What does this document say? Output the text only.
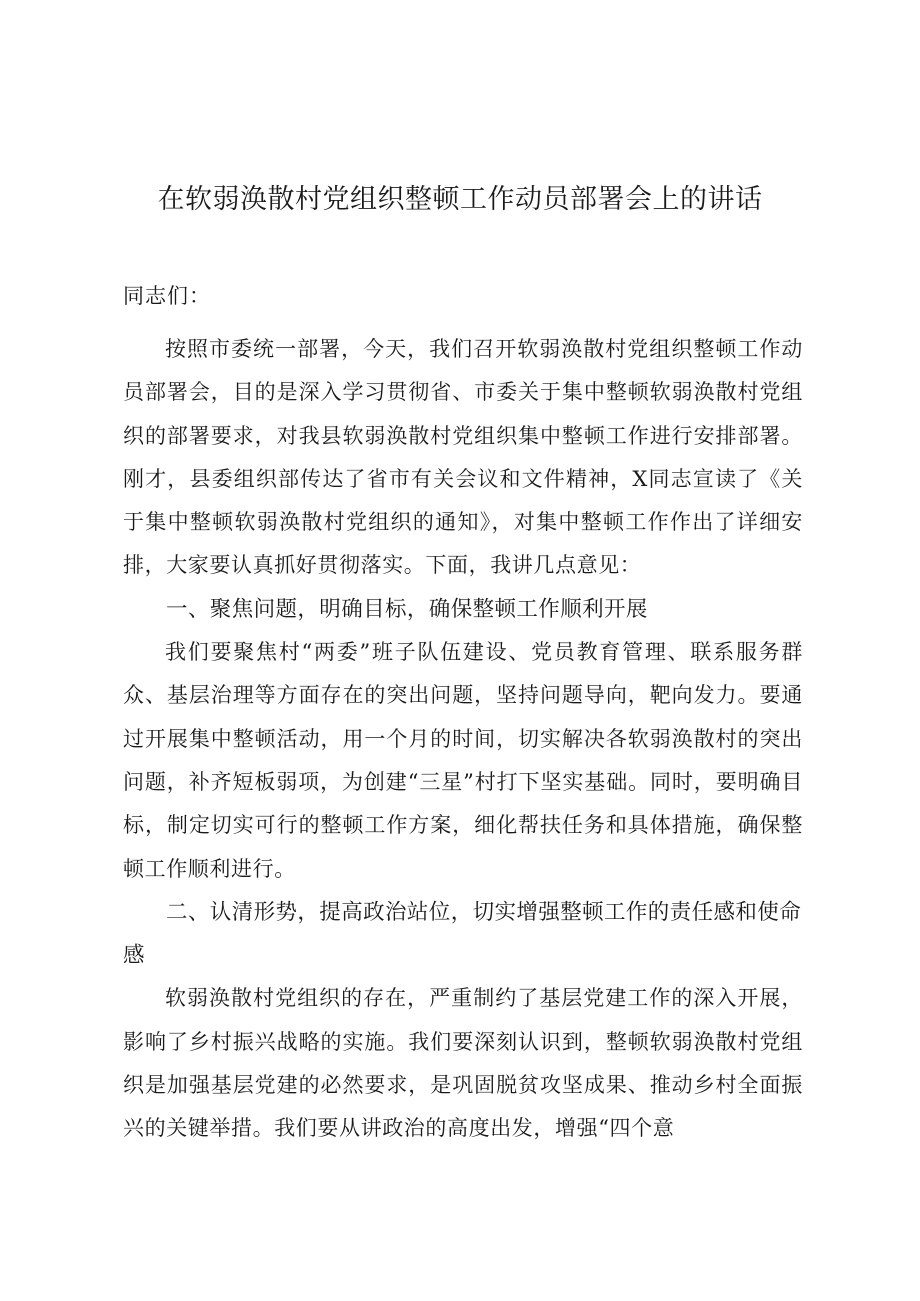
在软弱涣散村党组织整顿工作动员部署会上的讲话

同志们：

按照市委统一部署，今天，我们召开软弱涣散村党组织整顿工作动员部署会，目的是深入学习贯彻省、市委关于集中整顿软弱涣散村党组织的部署要求，对我县软弱涣散村党组织集中整顿工作进行安排部署。刚才，县委组织部传达了省市有关会议和文件精神，X同志宣读了《关于集中整顿软弱涣散村党组织的通知》，对集中整顿工作作出了详细安排，大家要认真抓好贯彻落实。下面，我讲几点意见：

一、聚焦问题，明确目标，确保整顿工作顺利开展

我们要聚焦村“两委”班子队伍建设、党员教育管理、联系服务群众、基层治理等方面存在的突出问题，坚持问题导向，靶向发力。要通过开展集中整顿活动，用一个月的时间，切实解决各软弱涣散村的突出问题，补齐短板弱项，为创建“三星”村打下坚实基础。同时，要明确目标，制定切实可行的整顿工作方案，细化帮扶任务和具体措施，确保整顿工作顺利进行。

二、认清形势，提高政治站位，切实增强整顿工作的责任感和使命感

软弱涣散村党组织的存在，严重制约了基层党建工作的深入开展，影响了乡村振兴战略的实施。我们要深刻认识到，整顿软弱涣散村党组织是加强基层党建的必然要求，是巩固脱贫攻坚成果、推动乡村全面振兴的关键举措。我们要从讲政治的高度出发，增强“四个意
